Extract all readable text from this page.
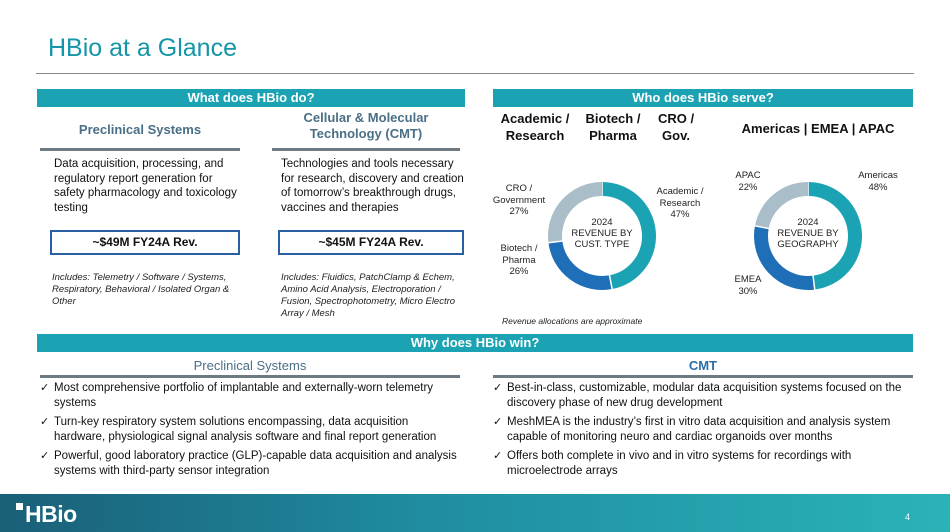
HBio at a Glance
What does HBio do?
Preclinical Systems
Data acquisition, processing, and regulatory report generation for safety pharmacology and toxicology testing
~$49M FY24A Rev.
Includes: Telemetry / Software / Systems, Respiratory, Behavioral / Isolated Organ & Other
Cellular & Molecular Technology (CMT)
Technologies and tools necessary for research, discovery and creation of tomorrow’s breakthrough drugs, vaccines and therapies
~$45M FY24A Rev.
Includes: Fluidics, PatchClamp & Echem, Amino Acid Analysis, Electroporation / Fusion, Spectrophotometry, Micro Electro Array / Mesh
Who does HBio serve?
Academic / Research
Biotech / Pharma
CRO / Gov.	Americas | EMEA | APAC
2024
REVENUE BY
CUST. TYPE
Academic /
Research
47%
Biotech /
Pharma
26%
CRO /
Government
27%
2024
REVENUE BY
GEOGRAPHY
Americas
48%
EMEA
30%
APAC
22%
Revenue allocations are approximate
Why does HBio win?
Preclinical Systems
✓ Most comprehensive portfolio of implantable and externally-worn telemetry systems
✓ Turn-key respiratory system solutions encompassing, data acquisition hardware, physiological signal analysis software and final report generation
✓ Powerful, good laboratory practice (GLP)-capable data acquisition and analysis systems with third-party sensor integration
CMT
✓ Best-in-class, customizable, modular data acquisition systems focused on the discovery phase of new drug development
✓ MeshMEA is the industry’s first in vitro data acquisition and analysis system capable of monitoring neuro and cardiac organoids over months
✓ Offers both complete in vivo and in vitro systems for recordings with microelectrode arrays
HBio	4
